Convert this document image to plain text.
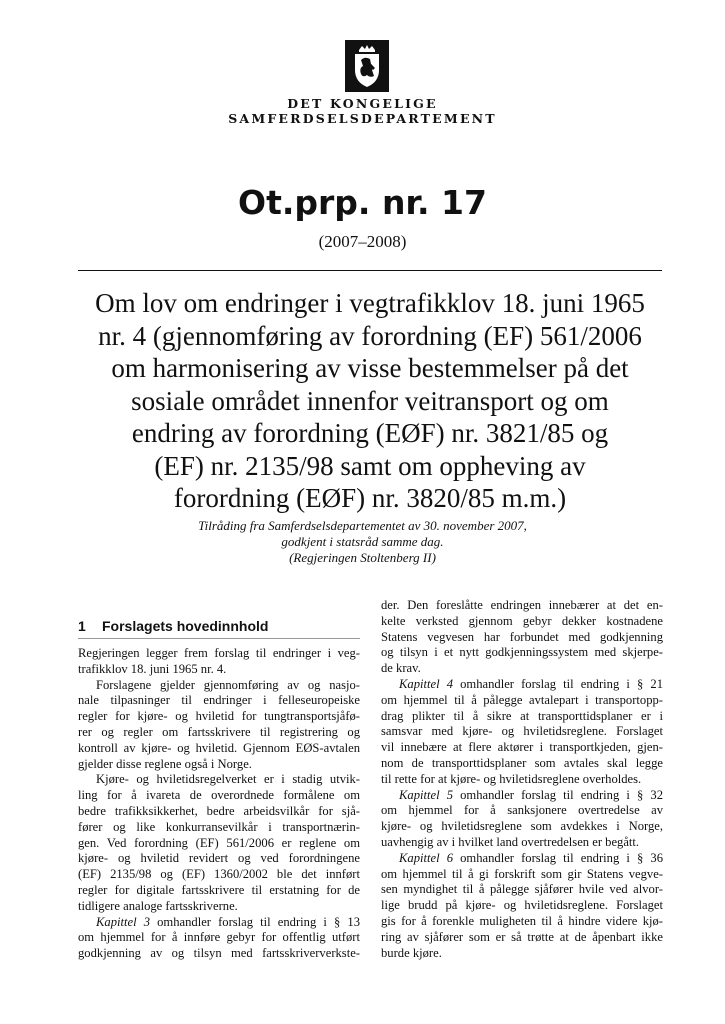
DET KONGELIGE
SAMFERDSELSDEPARTEMENT
Ot.prp. nr. 17
(2007–2008)
Om lov om endringer i vegtrafikklov 18. juni 1965
nr. 4 (gjennomføring av forordning (EF) 561/2006
om harmonisering av visse bestemmelser på det
sosiale området innenfor veitransport og om
endring av forordning (EØF) nr. 3821/85 og
(EF) nr. 2135/98 samt om oppheving av
forordning (EØF) nr. 3820/85 m.m.)
Tilråding fra Samferdselsdepartementet av 30. november 2007,
godkjent i statsråd samme dag.
(Regjeringen Stoltenberg II)
1 Forslagets hovedinnhold
Regjeringen legger frem forslag til endringer i veg-
trafikklov 18. juni 1965 nr. 4.
Forslagene gjelder gjennomføring av og nasjo-
nale tilpasninger til endringer i felleseuropeiske
regler for kjøre- og hviletid for tungtransportsjåfø-
rer og regler om fartsskrivere til registrering og
kontroll av kjøre- og hviletid. Gjennom EØS-avtalen
gjelder disse reglene også i Norge.
Kjøre- og hviletidsregelverket er i stadig utvik-
ling for å ivareta de overordnede formålene om
bedre trafikksikkerhet, bedre arbeidsvilkår for sjå-
fører og like konkurransevilkår i transportnærin-
gen. Ved forordning (EF) 561/2006 er reglene om
kjøre- og hviletid revidert og ved forordningene
(EF) 2135/98 og (EF) 1360/2002 ble det innført
regler for digitale fartsskrivere til erstatning for de
tidligere analoge fartsskriverne.
Kapittel 3 omhandler forslag til endring i § 13
om hjemmel for å innføre gebyr for offentlig utført
godkjenning av og tilsyn med fartsskriververkste-
der. Den foreslåtte endringen innebærer at det en-
kelte verksted gjennom gebyr dekker kostnadene
Statens vegvesen har forbundet med godkjenning
og tilsyn i et nytt godkjenningssystem med skjerpe-
de krav.
Kapittel 4 omhandler forslag til endring i § 21
om hjemmel til å pålegge avtalepart i transportopp-
drag plikter til å sikre at transporttidsplaner er i
samsvar med kjøre- og hviletidsreglene. Forslaget
vil innebære at flere aktører i transportkjeden, gjen-
nom de transporttidsplaner som avtales skal legge
til rette for at kjøre- og hviletidsreglene overholdes.
Kapittel 5 omhandler forslag til endring i § 32
om hjemmel for å sanksjonere overtredelse av
kjøre- og hviletidsreglene som avdekkes i Norge,
uavhengig av i hvilket land overtredelsen er begått.
Kapittel 6 omhandler forslag til endring i § 36
om hjemmel til å gi forskrift som gir Statens vegve-
sen myndighet til å pålegge sjåfører hvile ved alvor-
lige brudd på kjøre- og hviletidsreglene. Forslaget
gis for å forenkle muligheten til å hindre videre kjø-
ring av sjåfører som er så trøtte at de åpenbart ikke
burde kjøre.
